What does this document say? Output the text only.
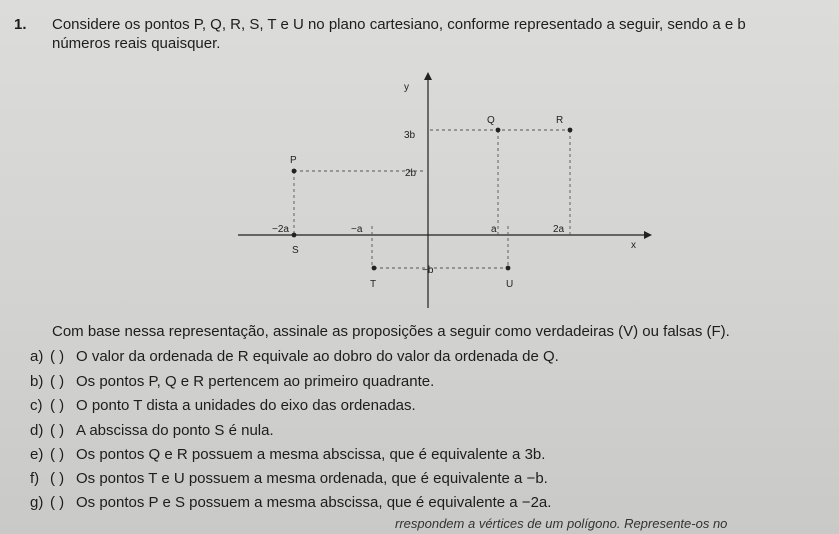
1. Considere os pontos P, Q, R, S, T e U no plano cartesiano, conforme representado a seguir, sendo a e b
números reais quaisquer.
x
y
3b
2b
−b
−2a	−a	a	2a
Q	R
P
S
T	U
Com base nessa representação, assinale as proposições a seguir como verdadeiras (V) ou falsas (F).
a) ( ) O valor da ordenada de R equivale ao dobro do valor da ordenada de Q.
b) ( ) Os pontos P, Q e R pertencem ao primeiro quadrante.
c) ( ) O ponto T dista a unidades do eixo das ordenadas.
d) ( ) A abscissa do ponto S é nula.
e) ( ) Os pontos Q e R possuem a mesma abscissa, que é equivalente a 3b.
f) ( ) Os pontos T e U possuem a mesma ordenada, que é equivalente a −b.
g) ( ) Os pontos P e S possuem a mesma abscissa, que é equivalente a −2a.
rrespondem a vértices de um polígono. Represente-os no
